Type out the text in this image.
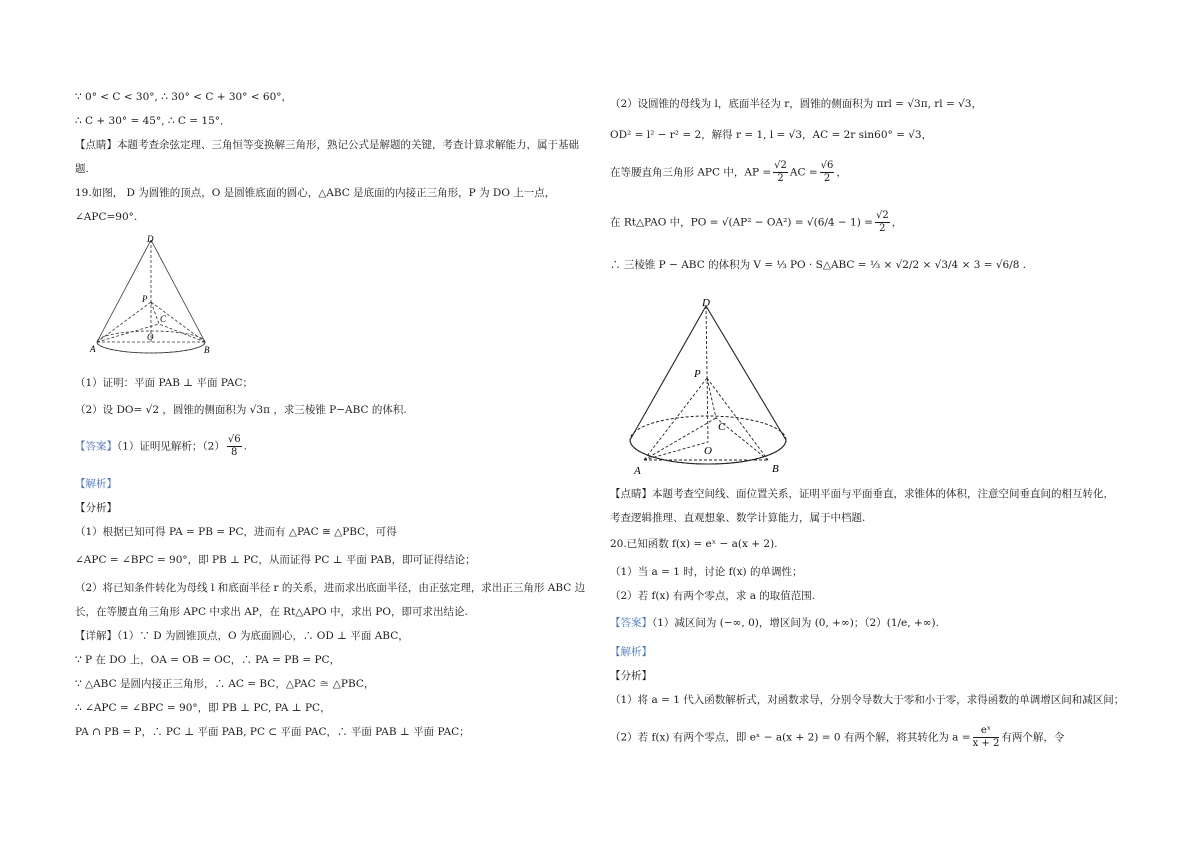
∵ 0° < C < 30°, ∴ 30° < C + 30° < 60°，
∴ C + 30° = 45°, ∴ C = 15°．
【点睛】本题考查余弦定理、三角恒等变换解三角形，熟记公式是解题的关键，考查计算求解能力，属于基础
题.
19.如图， D 为圆锥的顶点，O 是圆锥底面的圆心，△ABC 是底面的内接正三角形，P 为 DO 上一点，
∠APC=90°.
D
P
C
O
A	B
（1）证明：平面 PAB ⊥ 平面 PAC；
（2）设 DO= √2 ，圆锥的侧面积为 √3π ，求三棱锥 P−ABC 的体积.
【答案】（1）证明见解析；$(2) \frac{√6}{8}$ .
【解析】
【分析】
（1）根据已知可得 PA = PB = PC，进而有 △PAC ≅ △PBC，可得
∠APC = ∠BPC = 90°，即 PB ⊥ PC，从而证得 PC ⊥ 平面 PAB，即可证得结论；
（2）将已知条件转化为母线 l 和底面半径 r 的关系，进而求出底面半径，由正弦定理，求出正三角形 ABC 边
长，在等腰直角三角形 APC 中求出 AP，在 Rt△APO 中，求出 PO，即可求出结论.
【详解】（1）∵ D 为圆锥顶点，O 为底面圆心，∴ OD ⊥ 平面 ABC，
∵ P 在 DO 上，OA = OB = OC，∴ PA = PB = PC，
∵ △ABC 是圆内接正三角形，∴ AC = BC，△PAC ≅ △PBC，
∴ ∠APC = ∠BPC = 90°，即 PB ⊥ PC, PA ⊥ PC，
PA ∩ PB = P，∴ PC ⊥ 平面 PAB, PC ⊂ 平面 PAC，∴ 平面 PAB ⊥ 平面 PAC；
（2）设圆锥的母线为 l，底面半径为 r，圆锥的侧面积为 πrl = √3π, rl = √3，
OD² = l² − r² = 2，解得 r = 1, l = √3，AC = 2r sin60° = √3，
在等腰直角三角形 APC 中，AP = $\frac{√2}{2}$ AC = $\frac{√6}{2}$ ，
在 Rt△PAO 中，PO = $√(AP^2 - OA^2) = √(6/4 - 1) = \frac{√2}{2}$ ，
∴ 三棱锥 P − ABC 的体积为 V = ⅓ PO · S△ABC = ⅓ × √2/2 × √3/4 × 3 = √6/8 .
D
P
C
O
A	B
【点睛】本题考查空间线、面位置关系，证明平面与平面垂直，求锥体的体积，注意空间垂直间的相互转化，
考查逻辑推理、直观想象、数学计算能力，属于中档题.
20.已知函数 f(x) = eˣ − a(x + 2).
（1）当 a = 1 时，讨论 f(x) 的单调性；
（2）若 f(x) 有两个零点，求 a 的取值范围.
【答案】（1）减区间为 (−∞, 0)，增区间为 (0, +∞)；（2）(1/e, +∞).
【解析】
【分析】
（1）将 a = 1 代入函数解析式，对函数求导，分别令导数大于零和小于零，求得函数的单调增区间和减区间；
（2）若 f(x) 有两个零点，即 eˣ − a(x + 2) = 0 有两个解，将其转化为 $a = \frac{\text{eˣ}}{x + 2}$ 有两个解，令
